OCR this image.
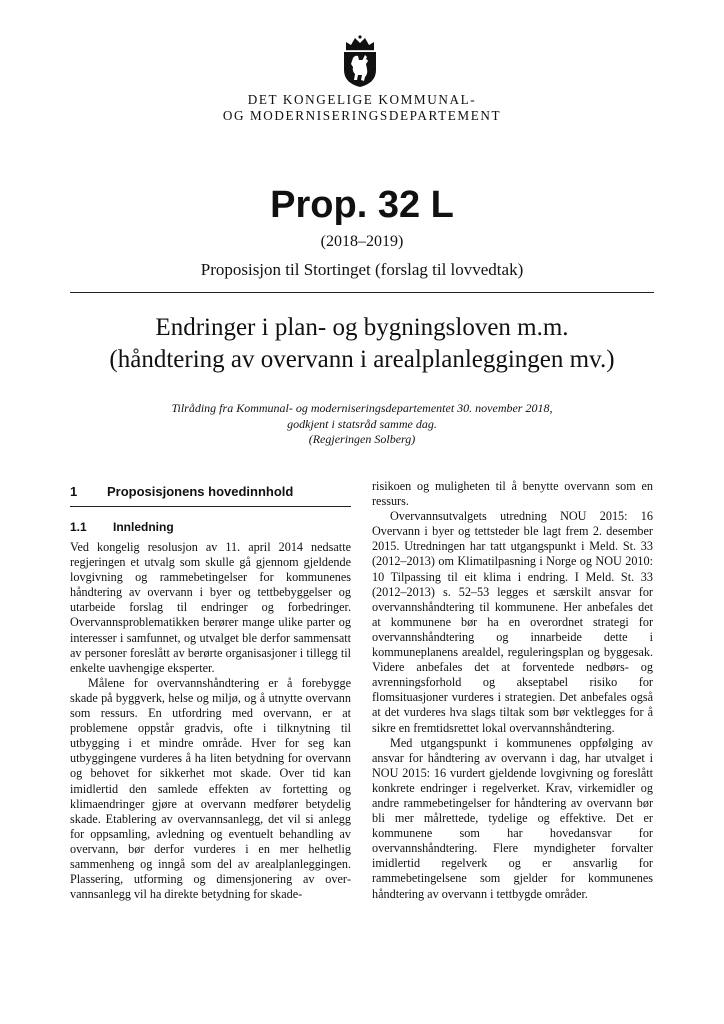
DET KONGELIGE KOMMUNAL-
OG MODERNISERINGSDEPARTEMENT
Prop. 32 L
(2018–2019)
Proposisjon til Stortinget (forslag til lovvedtak)
Endringer i plan- og bygningsloven m.m.
(håndtering av overvann i arealplanleggingen mv.)
Tilråding fra Kommunal- og moderniseringsdepartementet 30. november 2018,
godkjent i statsråd samme dag.
(Regjeringen Solberg)
1 Proposisjonens hovedinnhold
1.1 Innledning

Ved kongelig resolusjon av 11. april 2014 nedsatte regjeringen et utvalg som skulle gå gjennom gjeldende lovgivning og rammebetingelser for kommunenes håndtering av overvann i byer og tettbebyggelser og utarbeide forslag til endringer og forbedringer. Overvannsproblematikken berører mange ulike parter og interesser i samfunnet, og utvalget ble derfor sammensatt av personer foreslått av berørte organisasjoner i tillegg til enkelte uavhengige eksperter.

Målene for overvannshåndtering er å forebygge skade på byggverk, helse og miljø, og å utnytte overvann som ressurs. En utfordring med overvann, er at problemene oppstår gradvis, ofte i tilknytning til utbygging i et mindre område. Hver for seg kan utbyggingene vurderes å ha liten betydning for overvann og behovet for sikkerhet mot skade. Over tid kan imidlertid den samlede effekten av fortetting og klimaendringer gjøre at overvann medfører betydelig skade. Etablering av overvannsanlegg, det vil si anlegg for oppsamling, avledning og eventuelt behandling av overvann, bør derfor vurderes i en mer helhetlig sammenheng og inngå som del av arealplanleggingen. Plassering, utforming og dimensjonering av overvannsanlegg vil ha direkte betydning for skade-

risikoen og muligheten til å benytte overvann som en ressurs.

Overvannsutvalgets utredning NOU 2015: 16 Overvann i byer og tettsteder ble lagt frem 2. desember 2015. Utredningen har tatt utgangspunkt i Meld. St. 33 (2012–2013) om Klimatilpasning i Norge og NOU 2010: 10 Tilpassing til eit klima i endring. I Meld. St. 33 (2012–2013) s. 52–53 legges et særskilt ansvar for overvannshåndtering til kommunene. Her anbefales det at kommunene bør ha en overordnet strategi for overvannshåndtering og innarbeide dette i kommuneplanens arealdel, reguleringsplan og byggesak. Videre anbefales det at forventede nedbørs- og avrenningsforhold og akseptabel risiko for flomsituasjoner vurderes i strategien. Det anbefales også at det vurderes hva slags tiltak som bør vektlegges for å sikre en fremtidsrettet lokal overvannshåndtering.

Med utgangspunkt i kommunenes oppfølging av ansvar for håndtering av overvann i dag, har utvalget i NOU 2015: 16 vurdert gjeldende lovgivning og foreslått konkrete endringer i regelverket. Krav, virkemidler og andre rammebetingelser for håndtering av overvann bør bli mer målrettede, tydelige og effektive. Det er kommunene som har hovedansvar for overvannshåndtering. Flere myndigheter forvalter imidlertid regelverk og er ansvarlig for rammebetingelsene som gjelder for kommunenes håndtering av overvann i tettbygde områder.
